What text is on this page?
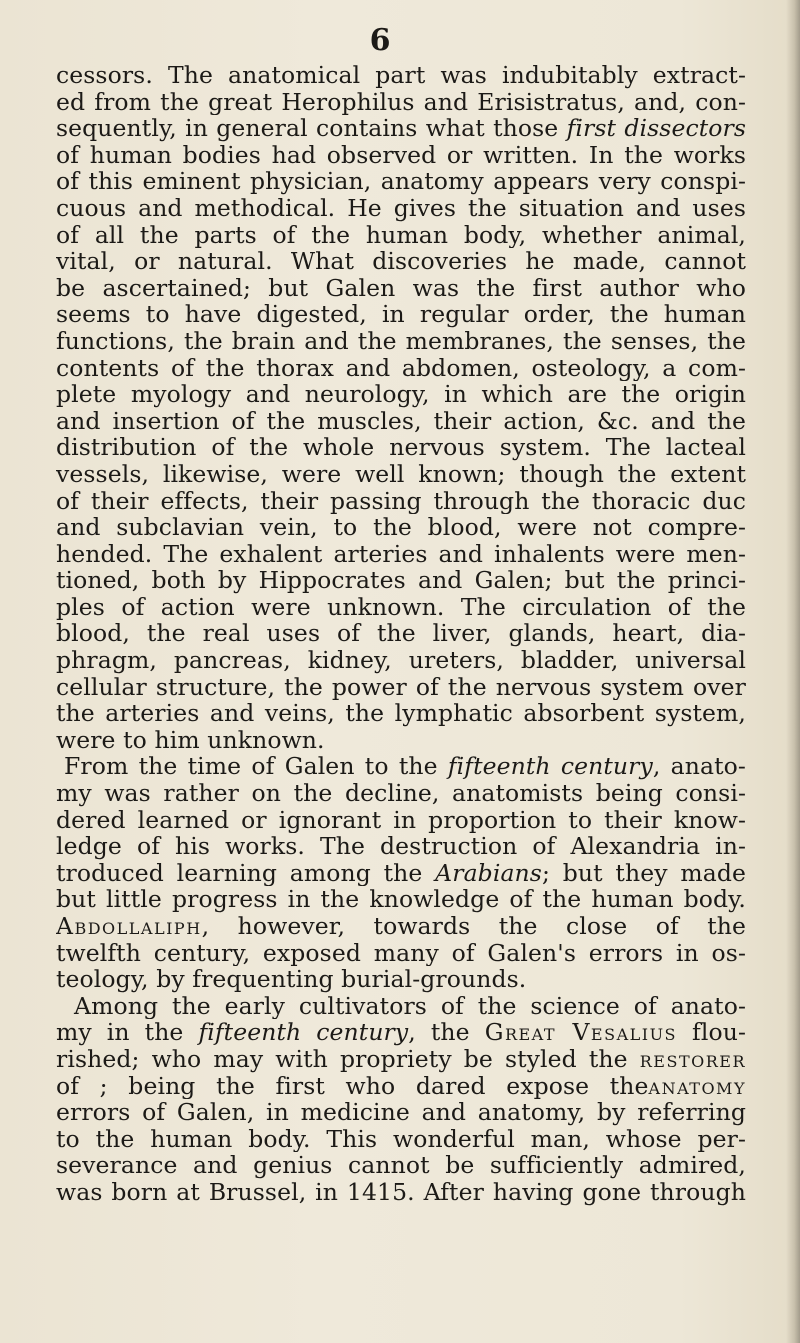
6
cessors. The anatomical part was indubitably extract-
ed from the great Herophilus and Erisistratus, and, con-
sequently, in general contains what those first dissectors
of human bodies had observed or written. In the works
of this eminent physician, anatomy appears very conspi-
cuous and methodical. He gives the situation and uses
of all the parts of the human body, whether animal,
vital, or natural. What discoveries he made, cannot
be ascertained; but Galen was the first author who
seems to have digested, in regular order, the human
functions, the brain and the membranes, the senses, the
contents of the thorax and abdomen, osteology, a com-
plete myology and neurology, in which are the origin
and insertion of the muscles, their action, &c. and the
distribution of the whole nervous system. The lacteal
vessels, likewise, were well known; though the extent
of their effects, their passing through the thoracic duc
and subclavian vein, to the blood, were not compre-
hended. The exhalent arteries and inhalents were men-
tioned, both by Hippocrates and Galen; but the princi-
ples of action were unknown. The circulation of the
blood, the real uses of the liver, glands, heart, dia-
phragm, pancreas, kidney, ureters, bladder, universal
cellular structure, the power of the nervous system over
the arteries and veins, the lymphatic absorbent system,
were to him unknown.
From the time of Galen to the fifteenth century, anato-
my was rather on the decline, anatomists being consi-
dered learned or ignorant in proportion to their know-
ledge of his works. The destruction of Alexandria in-
troduced learning among the Arabians; but they made
but little progress in the knowledge of the human body.
Abdollaliph, however, towards the close of the
twelfth century, exposed many of Galen's errors in os-
teology, by frequenting burial-grounds.
Among the early cultivators of the science of anato-
my in the fifteenth century, the Great Vesalius flou-
rished; who may with propriety be styled the restorer
of ; being the first who dared expose theanatomy
errors of Galen, in medicine and anatomy, by referring
to the human body. This wonderful man, whose per-
severance and genius cannot be sufficiently admired,
was born at Brussel, in 1415. After having gone through
